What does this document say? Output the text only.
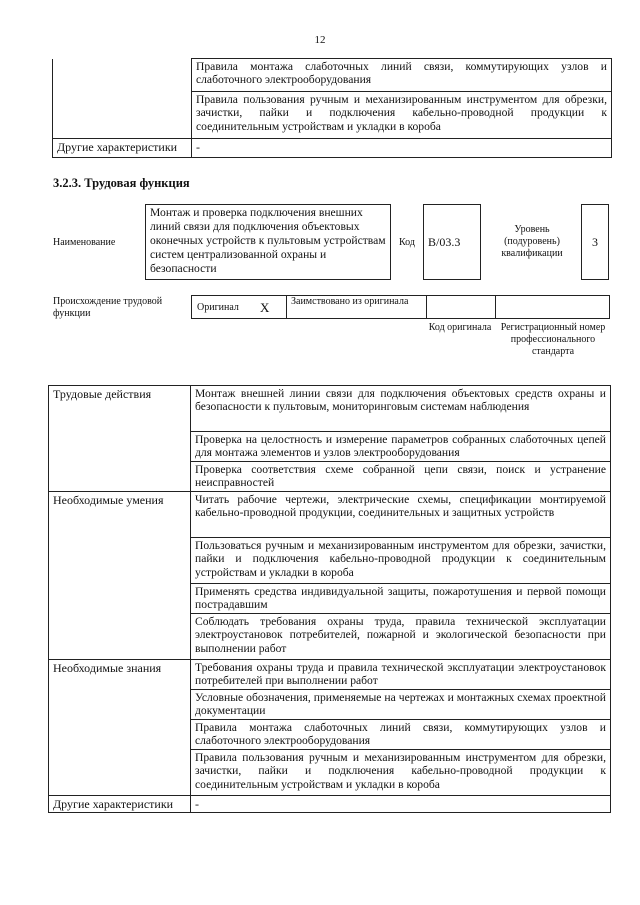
12
	Правила монтажа слаботочных линий связи, коммутирующих узлов и слаботочного электрооборудования
	Правила пользования ручным и механизированным инструментом для обрезки, зачистки, пайки и подключения кабельно-проводной продукции к соединительным устройствам и укладки в короба
Другие характеристики	-
3.2.3. Трудовая функция
Наименование
Монтаж и проверка подключения внешних линий связи для подключения объектовых оконечных устройств к пультовым устройствам систем централизованной охраны и безопасности
Код	B/03.3
Уровень (подуровень) квалификации
3
Происхождение трудовой функции
Оригинал X Заимствовано из оригинала
Код оригинала Регистрационный номер профессионального стандарта
Трудовые действия	Монтаж внешней линии связи для подключения объектовых средств охраны и безопасности к пультовым, мониторинговым системам наблюдения
	Проверка на целостность и измерение параметров собранных слаботочных цепей для монтажа элементов и узлов электрооборудования
	Проверка соответствия схеме собранной цепи связи, поиск и устранение неисправностей
Необходимые умения	Читать рабочие чертежи, электрические схемы, спецификации монтируемой кабельно-проводной продукции, соединительных и защитных устройств
	Пользоваться ручным и механизированным инструментом для обрезки, зачистки, пайки и подключения кабельно-проводной продукции к соединительным устройствам и укладки в короба
	Применять средства индивидуальной защиты, пожаротушения и первой помощи пострадавшим
	Соблюдать требования охраны труда, правила технической эксплуатации электроустановок потребителей, пожарной и экологической безопасности при выполнении работ
Необходимые знания	Требования охраны труда и правила технической эксплуатации электроустановок потребителей при выполнении работ
	Условные обозначения, применяемые на чертежах и монтажных схемах проектной документации
	Правила монтажа слаботочных линий связи, коммутирующих узлов и слаботочного электрооборудования
	Правила пользования ручным и механизированным инструментом для обрезки, зачистки, пайки и подключения кабельно-проводной продукции к соединительным устройствам и укладки в короба
Другие характеристики	-
